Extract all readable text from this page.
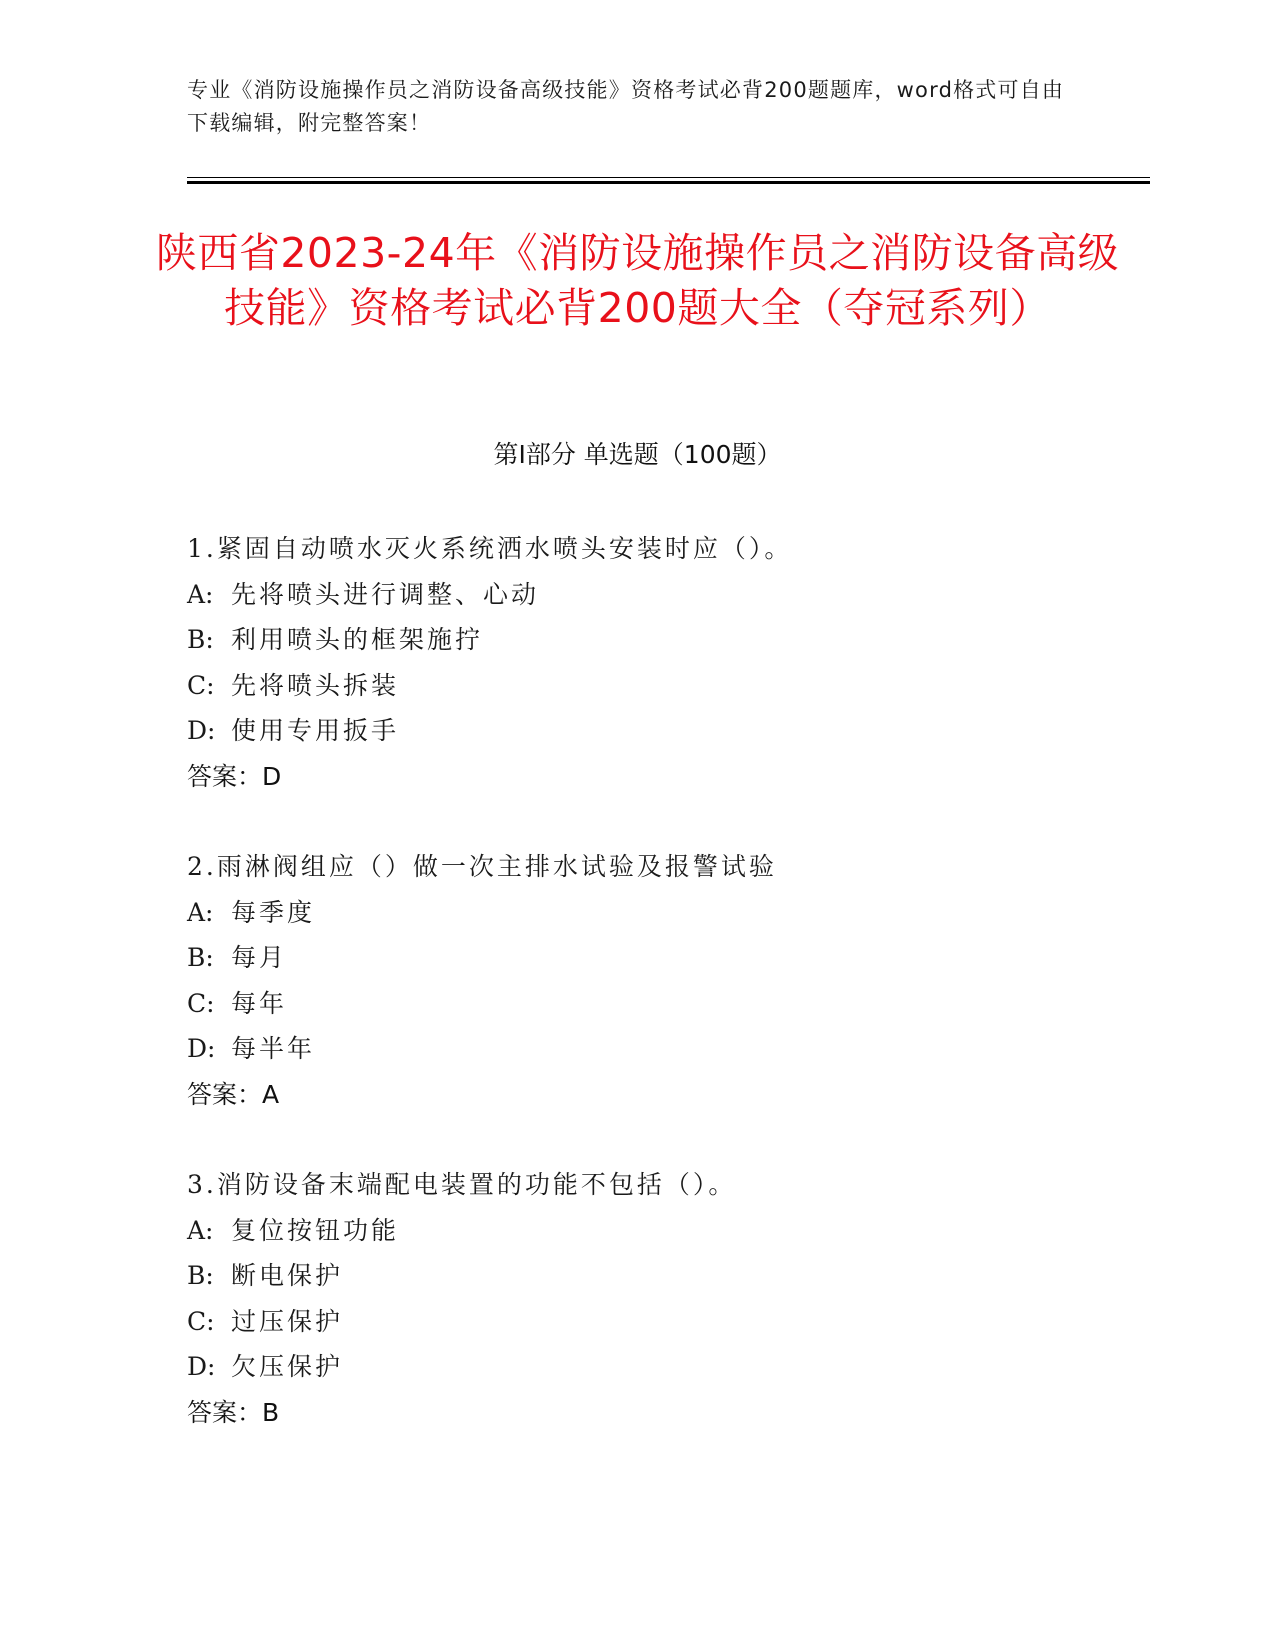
专业《消防设施操作员之消防设备高级技能》资格考试必背200题题库，word格式可自由下载编辑，附完整答案！
陕西省2023-24年《消防设施操作员之消防设备高级技能》资格考试必背200题大全（夺冠系列）
第I部分 单选题（100题）
1.紧固自动喷水灭火系统洒水喷头安装时应（）。
A: 先将喷头进行调整、心动
B: 利用喷头的框架施拧
C: 先将喷头拆装
D: 使用专用扳手
答案：D
2.雨淋阀组应（）做一次主排水试验及报警试验
A: 每季度
B: 每月
C: 每年
D: 每半年
答案：A
3.消防设备末端配电装置的功能不包括（）。
A: 复位按钮功能
B: 断电保护
C: 过压保护
D: 欠压保护
答案：B
